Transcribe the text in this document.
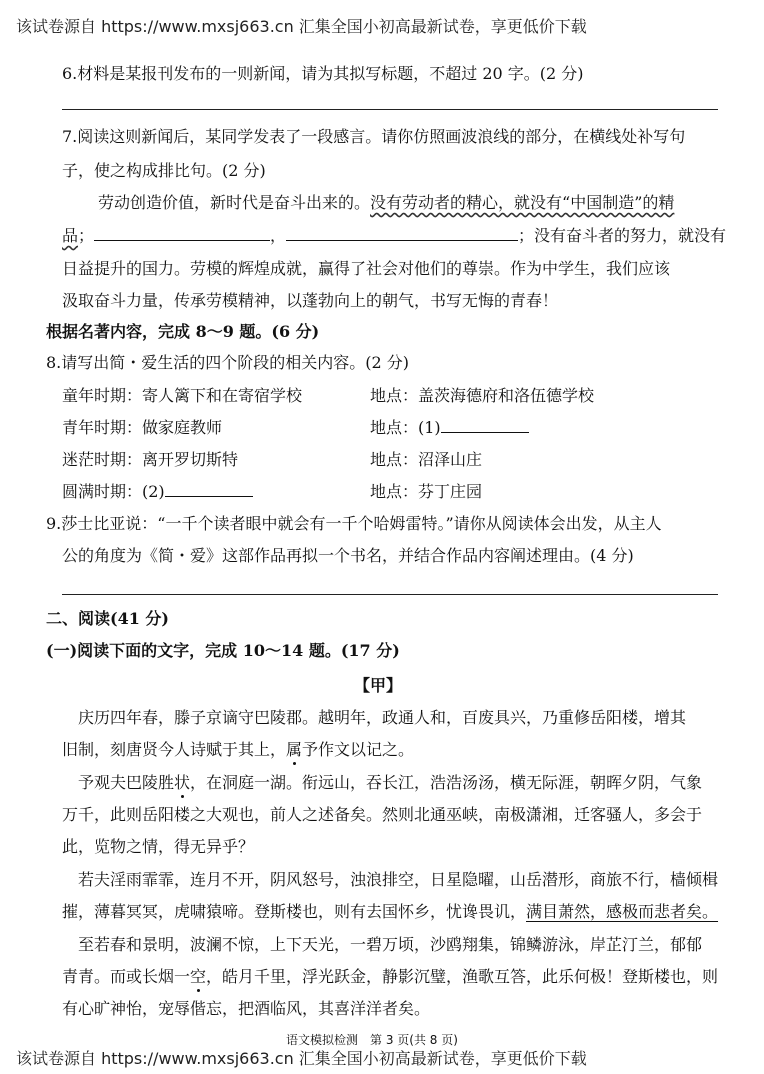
该试卷源自 https://www.mxsj663.cn 汇集全国小初高最新试卷，享更低价下载
6.材料是某报刊发布的一则新闻，请为其拟写标题，不超过 20 字。(2 分)
7.阅读这则新闻后，某同学发表了一段感言。请你仿照画波浪线的部分，在横线处补写句
子，使之构成排比句。(2 分)
劳动创造价值，新时代是奋斗出来的。没有劳动者的精心，就没有“中国制造”的精
品；	，	；没有奋斗者的努力，就没有
日益提升的国力。劳模的辉煌成就，赢得了社会对他们的尊崇。作为中学生，我们应该
汲取奋斗力量，传承劳模精神，以蓬勃向上的朝气，书写无悔的青春！
根据名著内容，完成 8～9 题。(6 分)
8.请写出简・爱生活的四个阶段的相关内容。(2 分)
童年时期：寄人篱下和在寄宿学校	地点：盖茨海德府和洛伍德学校
青年时期：做家庭教师	地点：(1)
迷茫时期：离开罗切斯特	地点：沼泽山庄
圆满时期：(2)	地点：芬丁庄园
9.莎士比亚说：“一千个读者眼中就会有一千个哈姆雷特。”请你从阅读体会出发，从主人
公的角度为《简・爱》这部作品再拟一个书名，并结合作品内容阐述理由。(4 分)
二、阅读(41 分)
(一)阅读下面的文字，完成 10～14 题。(17 分)
【甲】
庆历四年春，滕子京谪守巴陵郡。越明年，政通人和，百废具兴，乃重修岳阳楼，增其
旧制，刻唐贤今人诗赋于其上，属予作文以记之。
予观夫巴陵胜状，在洞庭一湖。衔远山，吞长江，浩浩汤汤，横无际涯，朝晖夕阴，气象
万千，此则岳阳楼之大观也，前人之述备矣。然则北通巫峡，南极潇湘，迁客骚人，多会于
此，览物之情，得无异乎？
若夫淫雨霏霏，连月不开，阴风怒号，浊浪排空，日星隐曜，山岳潜形，商旅不行，樯倾楫
摧，薄暮冥冥，虎啸猿啼。登斯楼也，则有去国怀乡，忧谗畏讥，满目萧然，感极而悲者矣。
至若春和景明，波澜不惊，上下天光，一碧万顷，沙鸥翔集，锦鳞游泳，岸芷汀兰，郁郁
青青。而或长烟一空，皓月千里，浮光跃金，静影沉璧，渔歌互答，此乐何极！登斯楼也，则
有心旷神怡，宠辱偕忘，把酒临风，其喜洋洋者矣。
语文模拟检测　第 3 页(共 8 页)
该试卷源自 https://www.mxsj663.cn 汇集全国小初高最新试卷，享更低价下载
